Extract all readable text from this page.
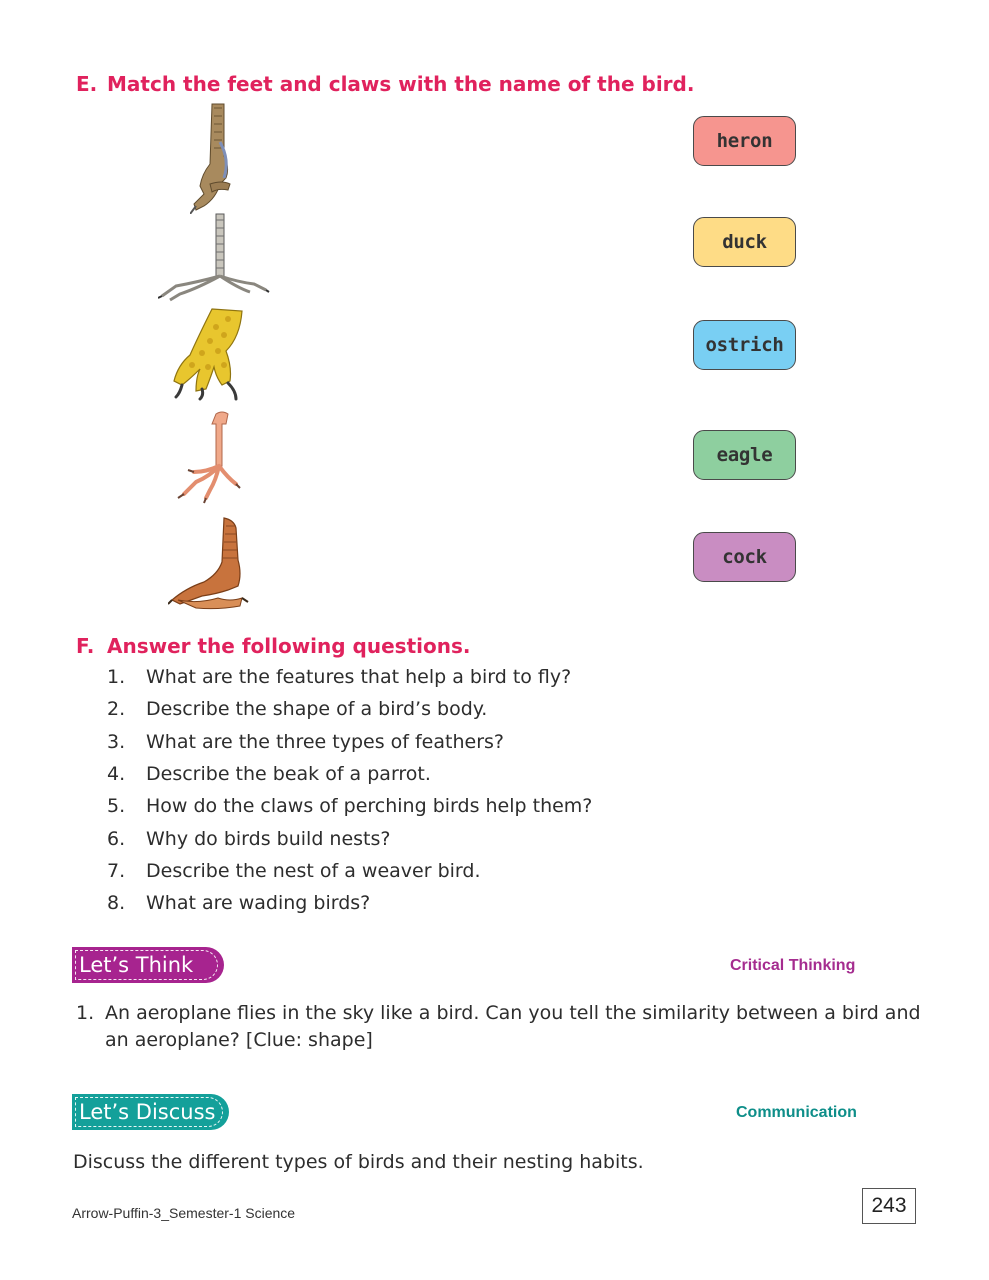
E. Match the feet and claws with the name of the bird.
heron
duck
ostrich
eagle
cock
F. Answer the following questions.
1.	What are the features that help a bird to fly?
2.	Describe the shape of a bird’s body.
3.	What are the three types of feathers?
4.	Describe the beak of a parrot.
5.	How do the claws of perching birds help them?
6.	Why do birds build nests?
7.	Describe the nest of a weaver bird.
8.	What are wading birds?
Let’s Think	Critical Thinking
1. An aeroplane flies in the sky like a bird. Can you tell the similarity between a bird and an aeroplane? [Clue: shape]
Let’s Discuss	Communication
Discuss the different types of birds and their nesting habits.
Arrow-Puffin-3_Semester-1 Science	243
